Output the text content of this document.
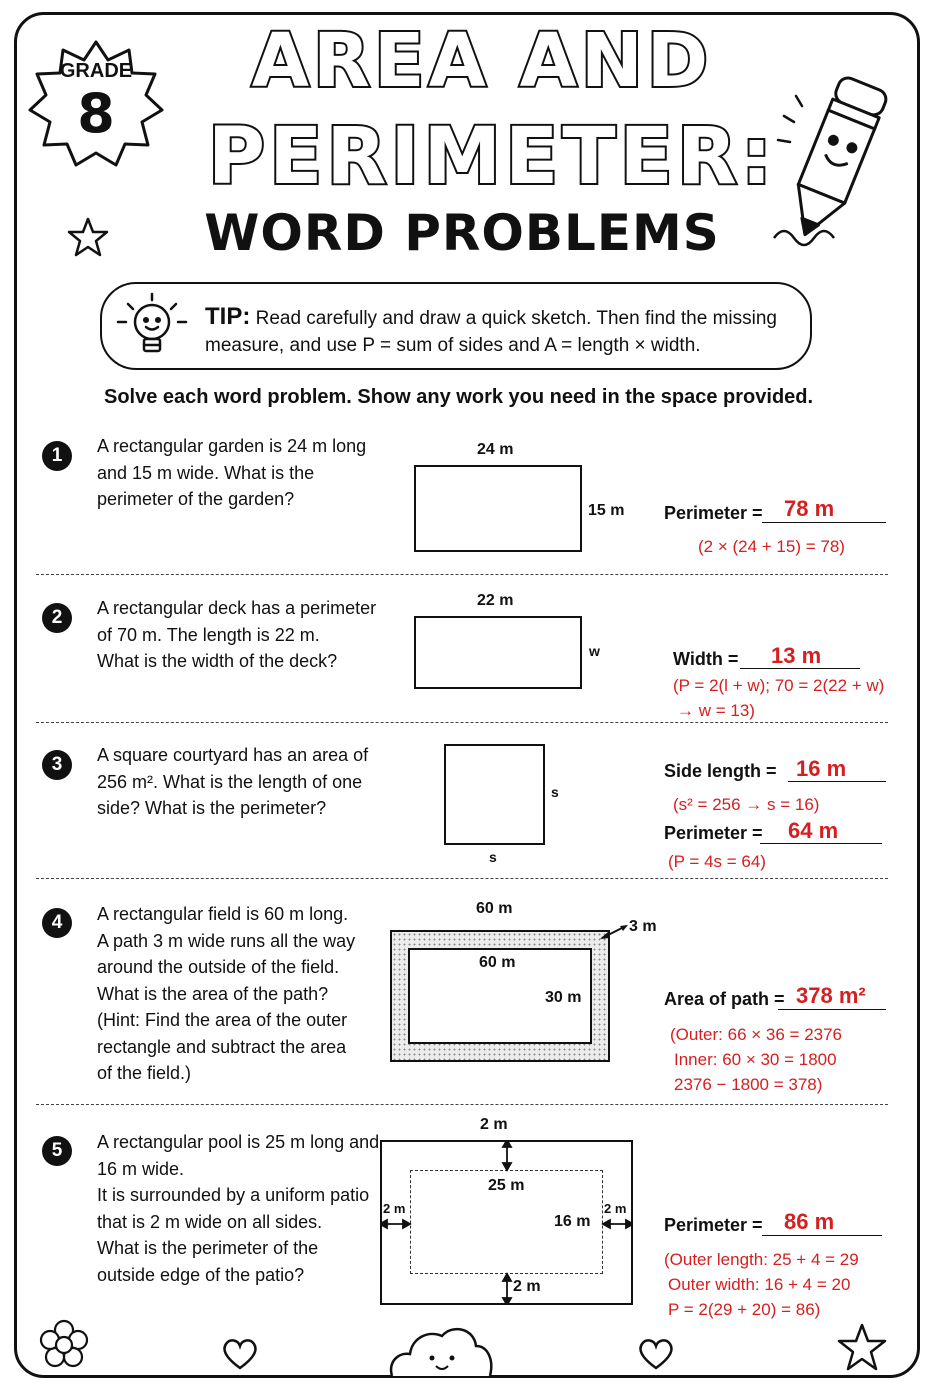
GRADE
8
AREA AND
PERIMETER:
WORD PROBLEMS
TIP: Read carefully and draw a quick sketch. Then find the missing
measure, and use P = sum of sides and A = length × width.
Solve each word problem. Show any work you need in the space provided.
1	A rectangular garden is 24 m long
and 15 m wide. What is the
perimeter of the garden?
24 m
15 m Perimeter = 78 m
(2 × (24 + 15) = 78)
2	A rectangular deck has a perimeter
of 70 m. The length is 22 m.
What is the width of the deck?
22 m
w	Width = 13 m
(P = 2(l + w); 70 = 2(22 + w)
→ w = 13)
3	A square courtyard has an area of
256 m². What is the length of one
side? What is the perimeter?
s
s
Side length = 16 m
(s² = 256 → s = 16)
Perimeter = 64 m
(P = 4s = 64)
4	A rectangular field is 60 m long.
A path 3 m wide runs all the way
around the outside of the field.
What is the area of the path?
(Hint: Find the area of the outer
rectangle and subtract the area
of the field.)
60 m
60 m
30 m
3 m
Area of path = 378 m²
(Outer: 66 × 36 = 2376
Inner: 60 × 30 = 1800
2376 − 1800 = 378)
5	A rectangular pool is 25 m long and
16 m wide.
It is surrounded by a uniform patio
that is 2 m wide on all sides.
What is the perimeter of the
outside edge of the patio?
2 m
25 m
16 m
2 m	2 m
2 m
Perimeter = 86 m
(Outer length: 25 + 4 = 29
Outer width: 16 + 4 = 20
P = 2(29 + 20) = 86)
